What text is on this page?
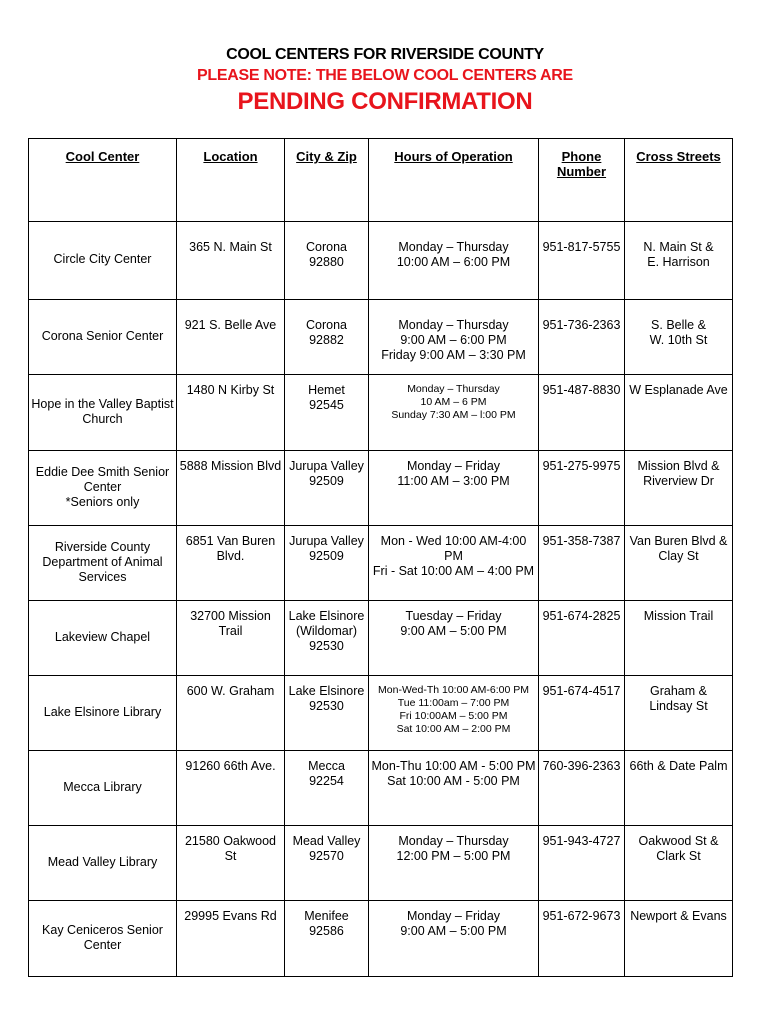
COOL CENTERS FOR RIVERSIDE COUNTY
PLEASE NOTE: THE BELOW COOL CENTERS ARE
PENDING CONFIRMATION
Cool Center	Location	City & Zip	Hours of Operation	Phone
Number	Cross Streets

Circle City Center	365 N. Main St	Corona
92880	Monday – Thursday
10:00 AM – 6:00 PM	951-817-5755	N. Main St &
E. Harrison

Corona Senior Center	921 S. Belle Ave	Corona
92882	Monday – Thursday
9:00 AM – 6:00 PM
Friday 9:00 AM – 3:30 PM	951-736-2363	S. Belle &
W. 10th St

Hope in the Valley Baptist
Church	1480 N Kirby St	Hemet
92545	Monday – Thursday
10 AM – 6 PM
Sunday 7:30 AM – l:00 PM	951-487-8830	W Esplanade Ave

Eddie Dee Smith Senior
Center
*Seniors only	5888 Mission Blvd	Jurupa Valley
92509	Monday – Friday
11:00 AM – 3:00 PM	951-275-9975	Mission Blvd &
Riverview Dr

Riverside County
Department of Animal
Services	6851 Van Buren
Blvd.	Jurupa Valley
92509	Mon - Wed 10:00 AM-4:00
PM
Fri - Sat 10:00 AM – 4:00 PM	951-358-7387	Van Buren Blvd &
Clay St

Lakeview Chapel	32700 Mission
Trail	Lake Elsinore
(Wildomar)
92530	Tuesday – Friday
9:00 AM – 5:00 PM	951-674-2825	Mission Trail

Lake Elsinore Library	600 W. Graham	Lake Elsinore
92530	Mon-Wed-Th 10:00 AM-6:00 PM
Tue 11:00am – 7:00 PM
Fri 10:00AM – 5:00 PM
Sat 10:00 AM – 2:00 PM	951-674-4517	Graham &
Lindsay St

Mecca Library	91260 66th Ave.	Mecca
92254	Mon-Thu 10:00 AM - 5:00 PM
Sat 10:00 AM - 5:00 PM	760-396-2363	66th & Date Palm

Mead Valley Library	21580 Oakwood
St	Mead Valley
92570	Monday – Thursday
12:00 PM – 5:00 PM	951-943-4727	Oakwood St &
Clark St

Kay Ceniceros Senior
Center	29995 Evans Rd	Menifee
92586	Monday – Friday
9:00 AM – 5:00 PM	951-672-9673	Newport & Evans
